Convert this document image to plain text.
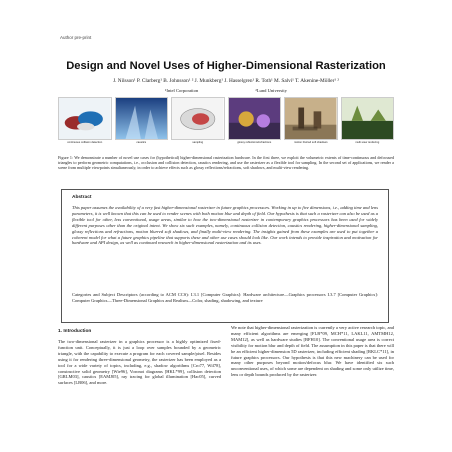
Author pre-print
Design and Novel Uses of Higher-Dimensional Rasterization
J. Nilsson¹ P. Clarberg¹ B. Johnsson¹ ² J. Munkberg¹ J. Hasselgren¹ R. Toth¹ M. Salvi¹ T. Akenine-Möller¹ ²
¹Intel Corporation	²Lund University
continuous collision detection	caustics	sampling	glossy reflections/refractions	motion blurred soft shadows	multi-view rendering
Figure 1: We demonstrate a number of novel use cases for (hypothetical) higher-dimensional rasterization hardware. In the first three, we exploit the volumetric extents of time-continuous and defocused triangles to perform geometric computations, i.e., occlusion and collision detection, caustics rendering, and use the rasterizer as a flexible tool for sampling. In the second set of applications, we render a scene from multiple viewpoints simultaneously, in order to achieve effects such as glossy reflections/refractions, soft shadows, and multi-view rendering.
Abstract
This paper assumes the availability of a very fast higher-dimensional rasterizer in future graphics processors. Working in up to five dimensions, i.e., adding time and lens parameters, it is well known that this can be used to render scenes with both motion blur and depth of field. Our hypothesis is that such a rasterizer can also be used as a flexible tool for other, less conventional, usage areas, similar to how the two-dimensional rasterizer in contemporary graphics processors has been used for widely different purposes other than the original intent. We show six such examples, namely, continuous collision detection, caustics rendering, higher-dimensional sampling, glossy reflections and refractions, motion blurred soft shadows, and finally multi-view rendering. The insights gained from these examples are used to put together a coherent model for what a future graphics pipeline that supports these and other use cases should look like. Our work intends to provide inspiration and motivation for hardware and API design, as well as continued research in higher-dimensional rasterization and its uses.
Categories and Subject Descriptors (according to ACM CCS): I.3.1 [Computer Graphics]: Hardware architecture—Graphics processors I.3.7 [Computer Graphics]: Computer Graphics—Three-Dimensional Graphics and Realism—Color, shading, shadowing, and texture
1. Introduction
The two-dimensional rasterizer in a graphics processor is a highly optimized fixed-function unit. Conceptually, it is just a loop over samples bounded by a geometric triangle, with the capability to execute a program for each covered sample/pixel. Besides using it for rendering three-dimensional geometry, the rasterizer has been employed as a tool for a wide variety of topics, including, e.g., shadow algorithms [Cro77, Wil78], constructive solid geometry [Wie96], Voronoi diagrams [HKL*99], collision detection [GRLM03], caustics [EAMJ05], ray tracing for global illumination [Hac05], curved surfaces [LB06], and more.
We note that higher-dimensional rasterization is currently a very active research topic, and many efficient algorithms are emerging [FLB*09, MCH*11, LAKL11, AMTMH12, MAM12], as well as hardware studies [BFH10]. The conventional usage area is correct visibility for motion blur and depth of field. The assumption in this paper is that there will be an efficient higher-dimension 5D rasterizer, including efficient shading [RKLC*11], in future graphics processors. Our hypothesis is that this new machinery can be used for many other purposes beyond motion/defocus blur. We have identified six such unconventional uses, of which some are dependent on shading and some only utilize time, lens or depth bounds produced by the rasterizer.
